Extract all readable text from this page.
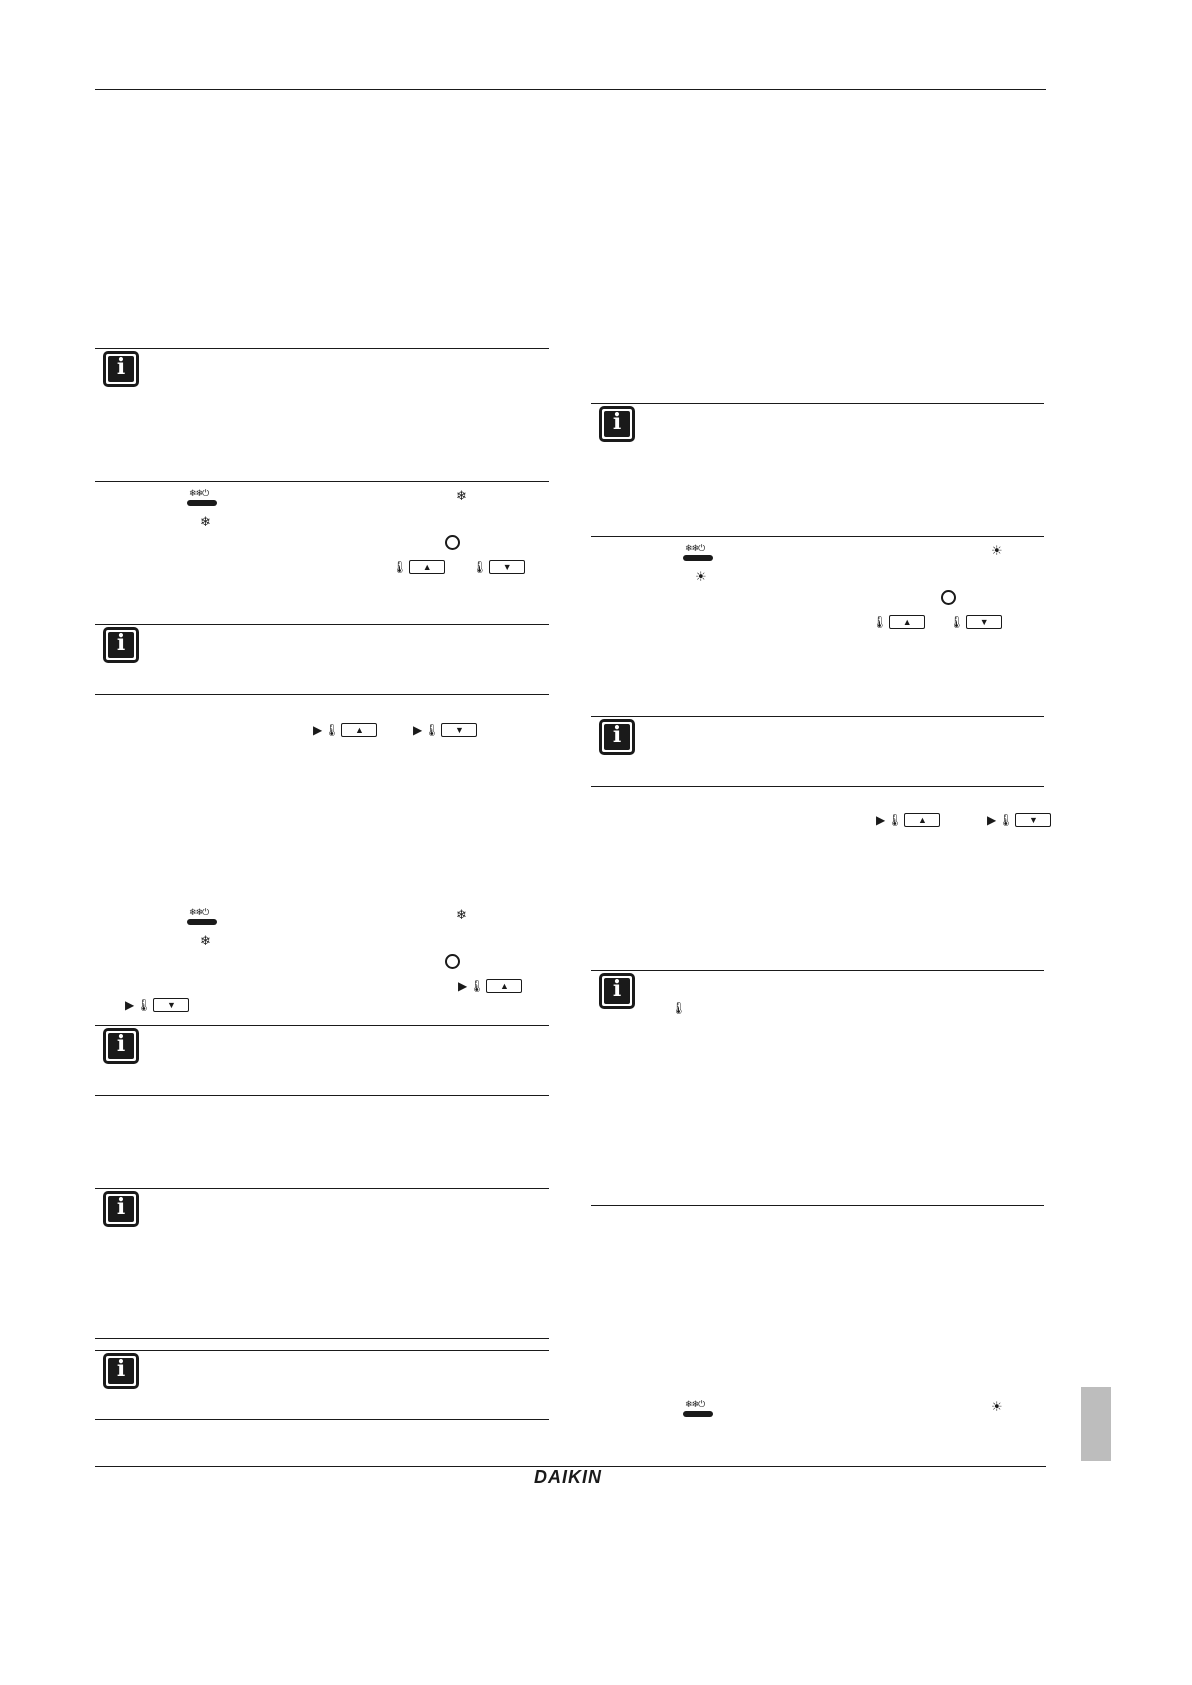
i
❄❄⏻	❄
❄
🌡	▲	🌡	▼
i
▶ 🌡	▲	▶ 🌡	▼
❄❄⏻	❄
❄
▶ 🌡	▲
▶ 🌡	▼
i
i
i
i
❄❄⏻	☀
☀
🌡	▲	🌡	▼
i
▶ 🌡	▲	▶ 🌡	▼
i
🌡
❄❄⏻	☀
DAIKIN
